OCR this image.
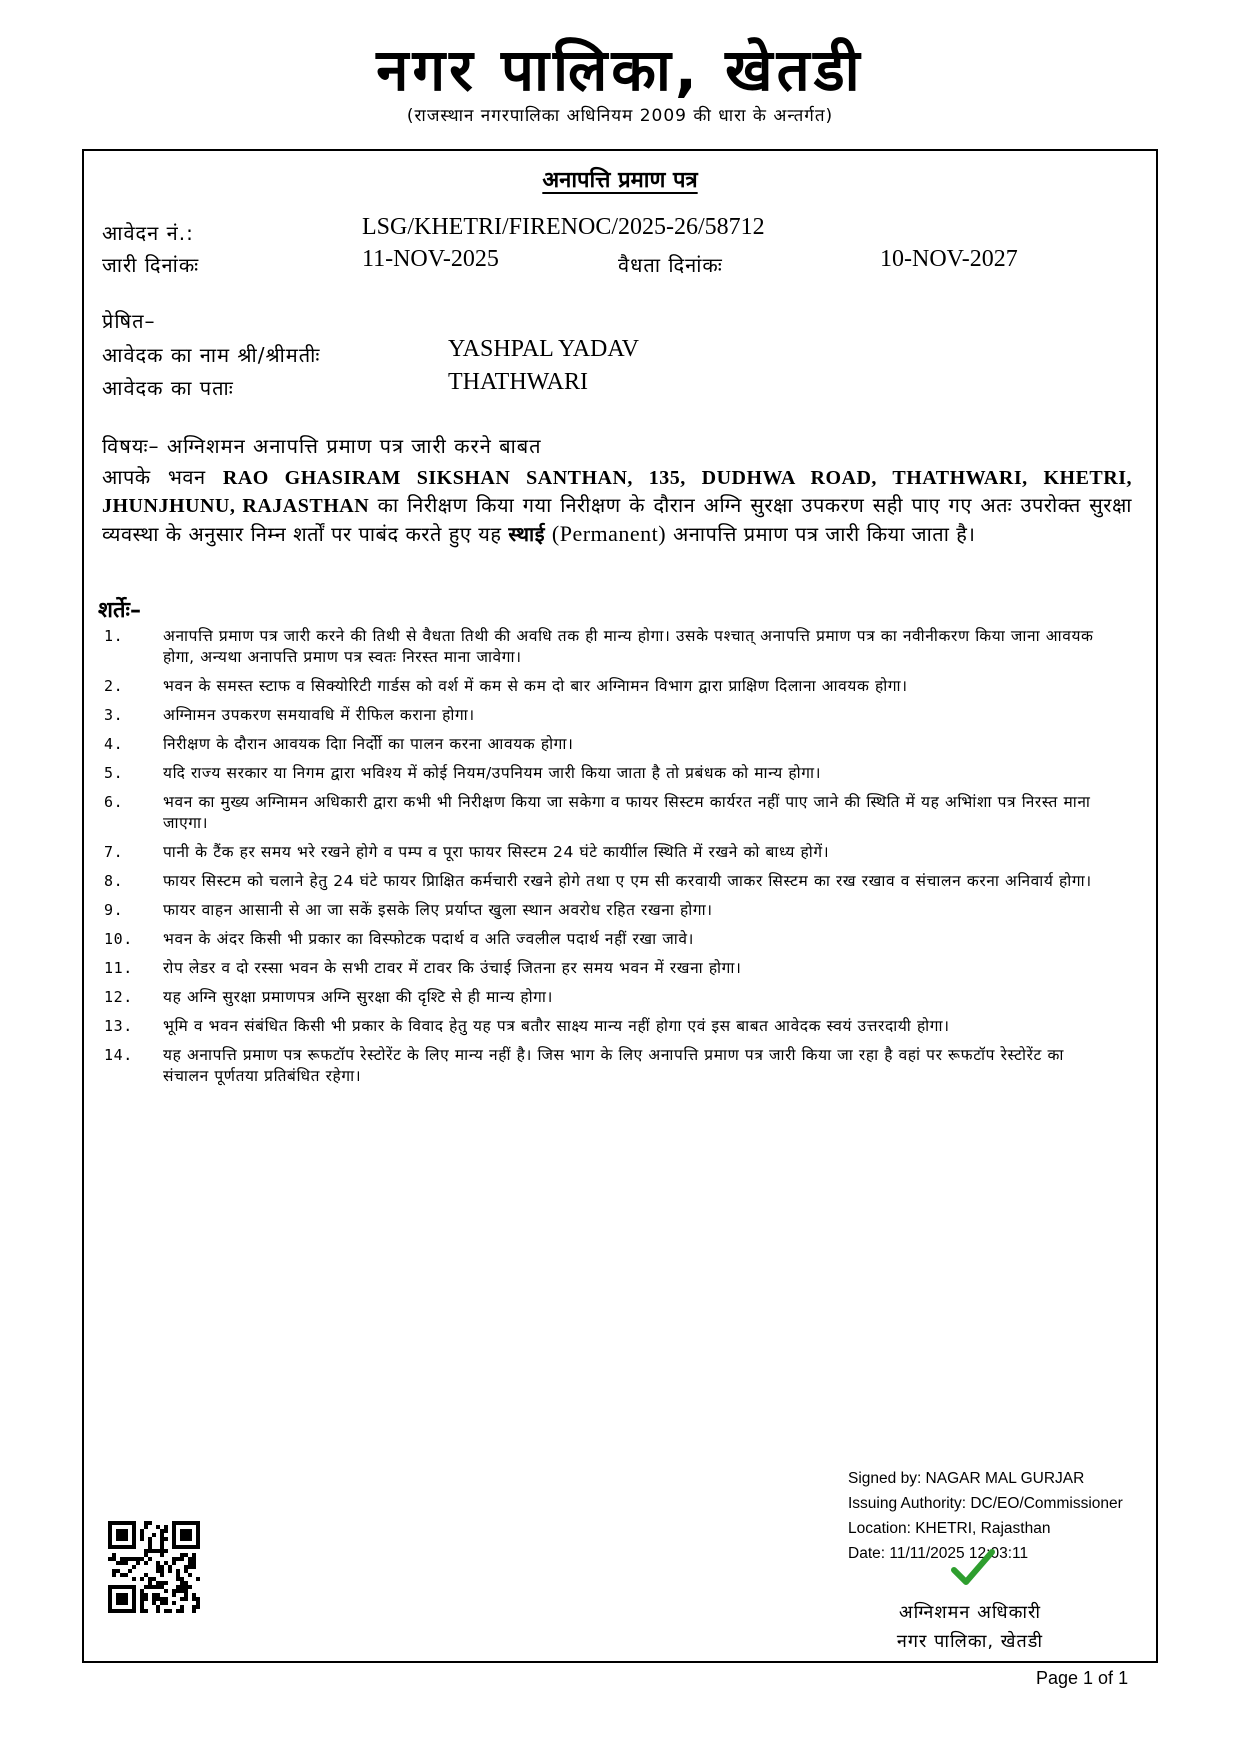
नगर पालिका, खेतडी
(राजस्थान नगरपालिका अधिनियम 2009 की धारा के अन्तर्गत)
अनापत्ति प्रमाण पत्र
आवेदन नं.:	LSG/KHETRI/FIRENOC/2025-26/58712
जारी दिनांकः	11-NOV-2025	वैधता दिनांकः	10-NOV-2027
प्रेषित–
आवेदक का नाम श्री/श्रीमतीः	YASHPAL YADAV
आवेदक का पताः	THATHWARI
विषयः– अग्निशमन अनापत्ति प्रमाण पत्र जारी करने बाबत
आपके भवन RAO GHASIRAM SIKSHAN SANTHAN, 135, DUDHWA ROAD, THATHWARI, KHETRI, JHUNJHUNU, RAJASTHAN का निरीक्षण किया गया निरीक्षण के दौरान अग्नि सुरक्षा उपकरण सही पाए गए अतः उपरोक्त सुरक्षा व्यवस्था के अनुसार निम्न शर्तों पर पाबंद करते हुए यह स्थाई (Permanent) अनापत्ति प्रमाण पत्र जारी किया जाता है।
शर्तेः–
1.	अनापत्ति प्रमाण पत्र जारी करने की तिथी से वैधता तिथी की अवधि तक ही मान्य होगा। उसके पश्चात् अनापत्ति प्रमाण पत्र का नवीनीकरण किया जाना आवयक होगा, अन्यथा अनापत्ति प्रमाण पत्र स्वतः निरस्त माना जावेगा।
2.	भवन के समस्त स्टाफ व सिक्योरिटी गार्डस को वर्श में कम से कम दो बार अग्निामन विभाग द्वारा प्राक्षिण दिलाना आवयक होगा।
3.	अग्निामन उपकरण समयावधि में रीफिल कराना होगा।
4.	निरीक्षण के दौरान आवयक दिाा निर्दोी का पालन करना आवयक होगा।
5.	यदि राज्य सरकार या निगम द्वारा भविश्य में कोई नियम/उपनियम जारी किया जाता है तो प्रबंधक को मान्य होगा।
6.	भवन का मुख्य अग्निामन अधिकारी द्वारा कभी भी निरीक्षण किया जा सकेगा व फायर सिस्टम कार्यरत नहीं पाए जाने की स्थिति में यह अभिांशा पत्र निरस्त माना जाएगा।
7.	पानी के टैंक हर समय भरे रखने होगे व पम्प व पूरा फायर सिस्टम 24 घंटे कार्यीाल स्थिति में रखने को बाध्य होगें।
8.	फायर सिस्टम को चलाने हेतु 24 घंटे फायर प्रािक्षित कर्मचारी रखने होगे तथा ए एम सी करवायी जाकर सिस्टम का रख रखाव व संचालन करना अनिवार्य होगा।
9.	फायर वाहन आसानी से आ जा सकें इसके लिए प्रर्याप्त खुला स्थान अवरोध रहित रखना होगा।
10.	भवन के अंदर किसी भी प्रकार का विस्फोटक पदार्थ व अति ज्वलील पदार्थ नहीं रखा जावे।
11.	रोप लेडर व दो रस्सा भवन के सभी टावर में टावर कि उंचाई जितना हर समय भवन में रखना होगा।
12.	यह अग्नि सुरक्षा प्रमाणपत्र अग्नि सुरक्षा की दृश्टि से ही मान्य होगा।
13.	भूमि व भवन संबंधित किसी भी प्रकार के विवाद हेतु यह पत्र बतौर साक्ष्य मान्य नहीं होगा एवं इस बाबत आवेदक स्वयं उत्तरदायी होगा।
14.	यह अनापत्ति प्रमाण पत्र रूफटॉप रेस्टोरेंट के लिए मान्य नहीं है। जिस भाग के लिए अनापत्ति प्रमाण पत्र जारी किया जा रहा है वहां पर रूफटॉप रेस्टोरेंट का संचालन पूर्णतया प्रतिबंधित रहेगा।
Signed by: NAGAR MAL GURJAR
Issuing Authority: DC/EO/Commissioner
Location: KHETRI, Rajasthan
Date: 11/11/2025 12:03:11
अग्निशमन अधिकारी
नगर पालिका, खेतडी
Page 1 of 1
